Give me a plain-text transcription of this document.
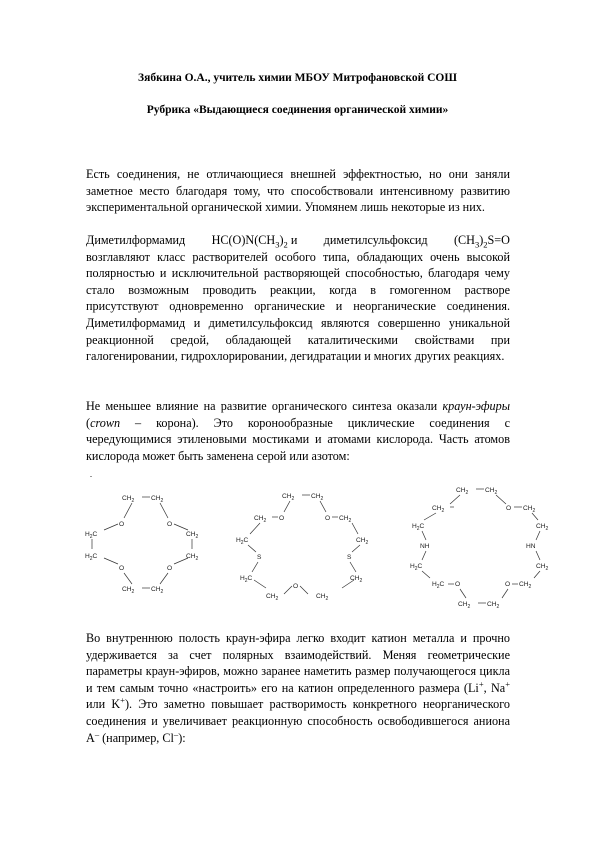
Зябкина О.А., учитель химии МБОУ Митрофановской СОШ
Рубрика «Выдающиеся соединения органической химии»

Есть соединения, не отличающиеся внешней эффектностью, но они заняли заметное место благодаря тому, что способствовали интенсивному развитию экспериментальной органической химии. Упомянем лишь некоторые из них.

Диметилформамид $HC(O)N(CH_3)_2$ и диметилсульфоксид $(CH_3)_2S=O$

возглавляют класс растворителей особого типа, обладающих очень высокой полярностью и исключительной растворяющей способностью, благодаря чему стало возможным проводить реакции, когда в гомогенном растворе присутствуют одновременно органические и неорганические соединения. Диметилформамид и диметилсульфоксид являются совершенно уникальной реакционной средой, обладающей каталитическими свойствами при галогенировании, гидрохлорировании, дегидратации и многих других реакциях.

Не меньшее влияние на развитие органического синтеза оказали краун-эфиры (crown – корона). Это коронообразные циклические соединения с чередующимися этиленовыми мостиками и атомами кислорода. Часть атомов кислорода может быть заменена серой или азотом:

$CH_2$	$CH_2$
O	O
$H_2C$	$CH_2$
$H_2C$	$CH_2$
O	O
$CH_2$	$CH_2$
$CH_2$	$CH_2$
$CH_2$ O	O $CH_2$
$H_2C$	$CH_2$
S	S
$H_2C$	$CH_2$
$CH_2$
O
$CH_2$
$CH_2$	$CH_2$
$CH_2$	O $CH_2$
$H_2C$	$CH_2$
NH	HN
$H_2C$	$CH_2$
$H_2C$ O	O $CH_2$
$CH_2$	$CH_2$

Во внутреннюю полость краун-эфира легко входит катион металла и прочно удерживается за счет полярных взаимодействий. Меняя геометрические параметры краун-эфиров, можно заранее наметить размер получающегося цикла и тем самым точно «настроить» его на катион определенного размера (Li+, Na+ или K+). Это заметно повышает растворимость конкретного неорганического соединения и увеличивает реакционную способность освободившегося аниона A– (например, Cl–):
